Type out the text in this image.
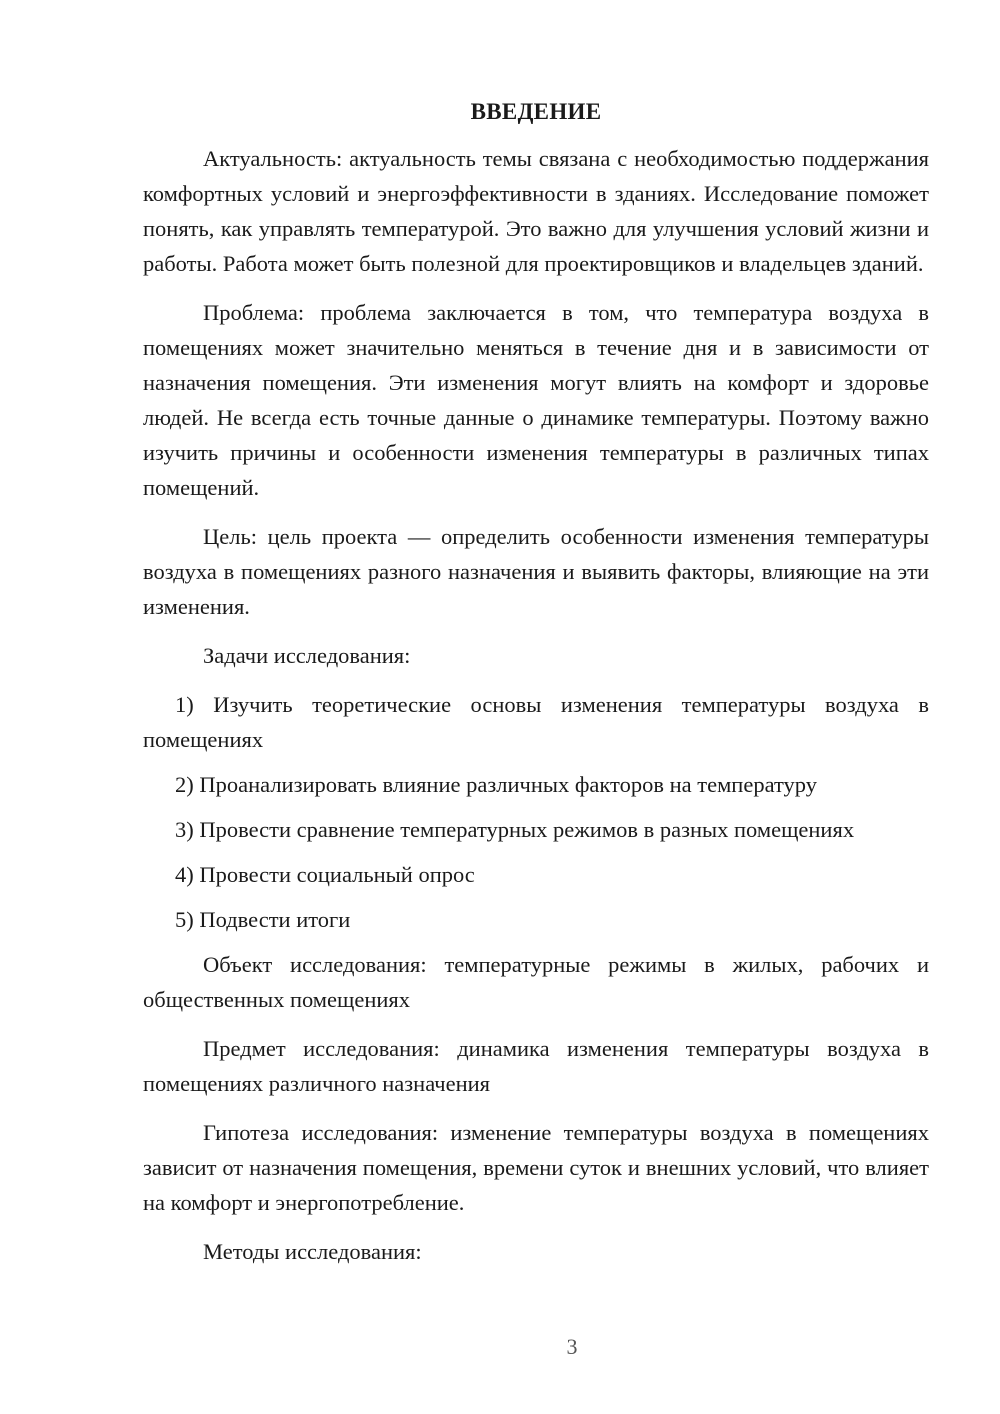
ВВЕДЕНИЕ

Актуальность: актуальность темы связана с необходимостью поддержания комфортных условий и энергоэффективности в зданиях. Исследование поможет понять, как управлять температурой. Это важно для улучшения условий жизни и работы. Работа может быть полезной для проектировщиков и владельцев зданий.

Проблема: проблема заключается в том, что температура воздуха в помещениях может значительно меняться в течение дня и в зависимости от назначения помещения. Эти изменения могут влиять на комфорт и здоровье людей. Не всегда есть точные данные о динамике температуры. Поэтому важно изучить причины и особенности изменения температуры в различных типах помещений.

Цель: цель проекта — определить особенности изменения температуры воздуха в помещениях разного назначения и выявить факторы, влияющие на эти изменения.

Задачи исследования:

1) Изучить теоретические основы изменения температуры воздуха в помещениях

2) Проанализировать влияние различных факторов на температуру

3) Провести сравнение температурных режимов в разных помещениях

4) Провести социальный опрос

5) Подвести итоги

Объект исследования: температурные режимы в жилых, рабочих и общественных помещениях

Предмет исследования: динамика изменения температуры воздуха в помещениях различного назначения

Гипотеза исследования: изменение температуры воздуха в помещениях зависит от назначения помещения, времени суток и внешних условий, что влияет на комфорт и энергопотребление.

Методы исследования:

3
